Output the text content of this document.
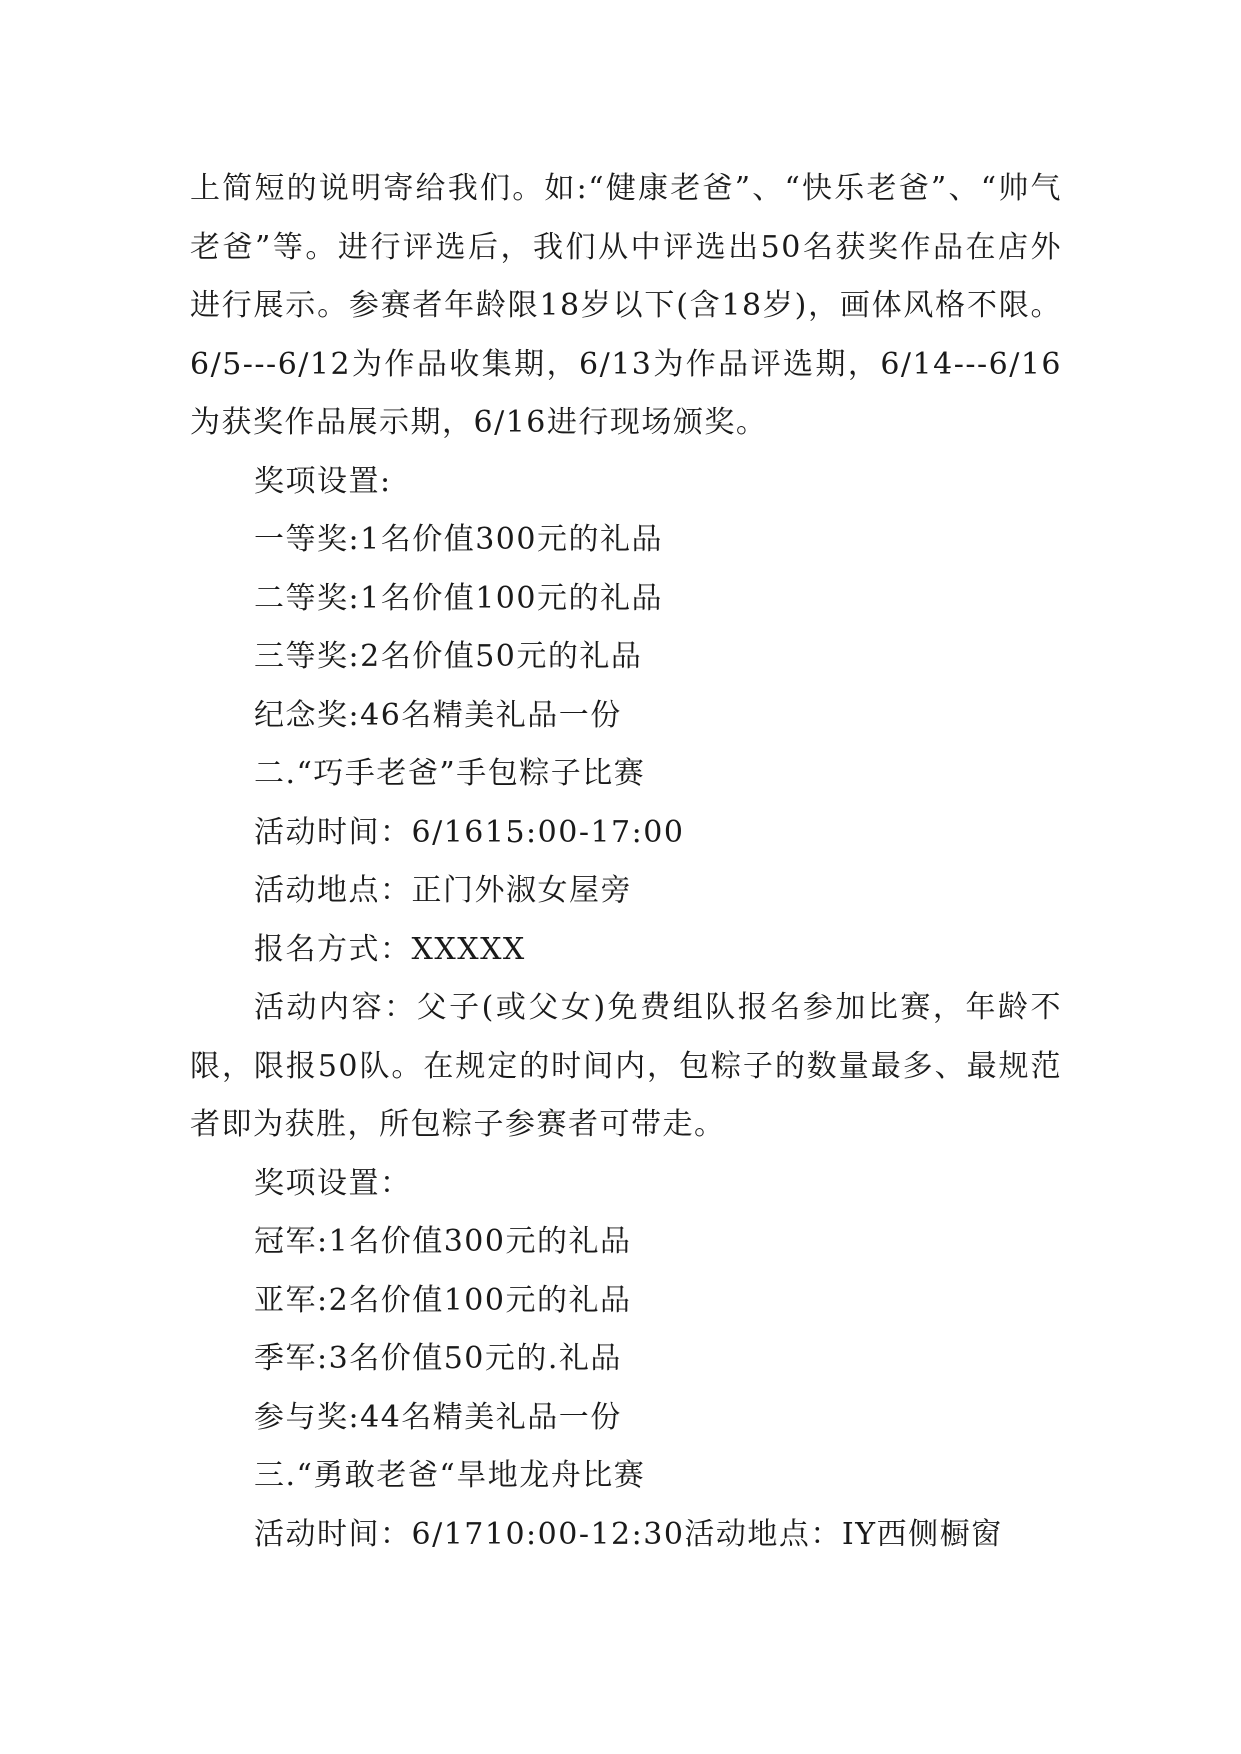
上简短的说明寄给我们。如:“健康老爸”、“快乐老爸”、“帅气老爸”等。进行评选后，我们从中评选出50名获奖作品在店外进行展示。参赛者年龄限18岁以下(含18岁)，画体风格不限。6/5---6/12为作品收集期，6/13为作品评选期，6/14---6/16为获奖作品展示期，6/16进行现场颁奖。

奖项设置:

一等奖:1名价值300元的礼品

二等奖:1名价值100元的礼品

三等奖:2名价值50元的礼品

纪念奖:46名精美礼品一份

二.“巧手老爸”手包粽子比赛

活动时间：6/1615:00-17:00

活动地点：正门外淑女屋旁

报名方式：XXXXX

活动内容：父子(或父女)免费组队报名参加比赛，年龄不限，限报50队。在规定的时间内，包粽子的数量最多、最规范者即为获胜，所包粽子参赛者可带走。

奖项设置：

冠军:1名价值300元的礼品

亚军:2名价值100元的礼品

季军:3名价值50元的.礼品

参与奖:44名精美礼品一份

三.“勇敢老爸“旱地龙舟比赛

活动时间：6/1710:00-12:30活动地点：IY西侧橱窗
